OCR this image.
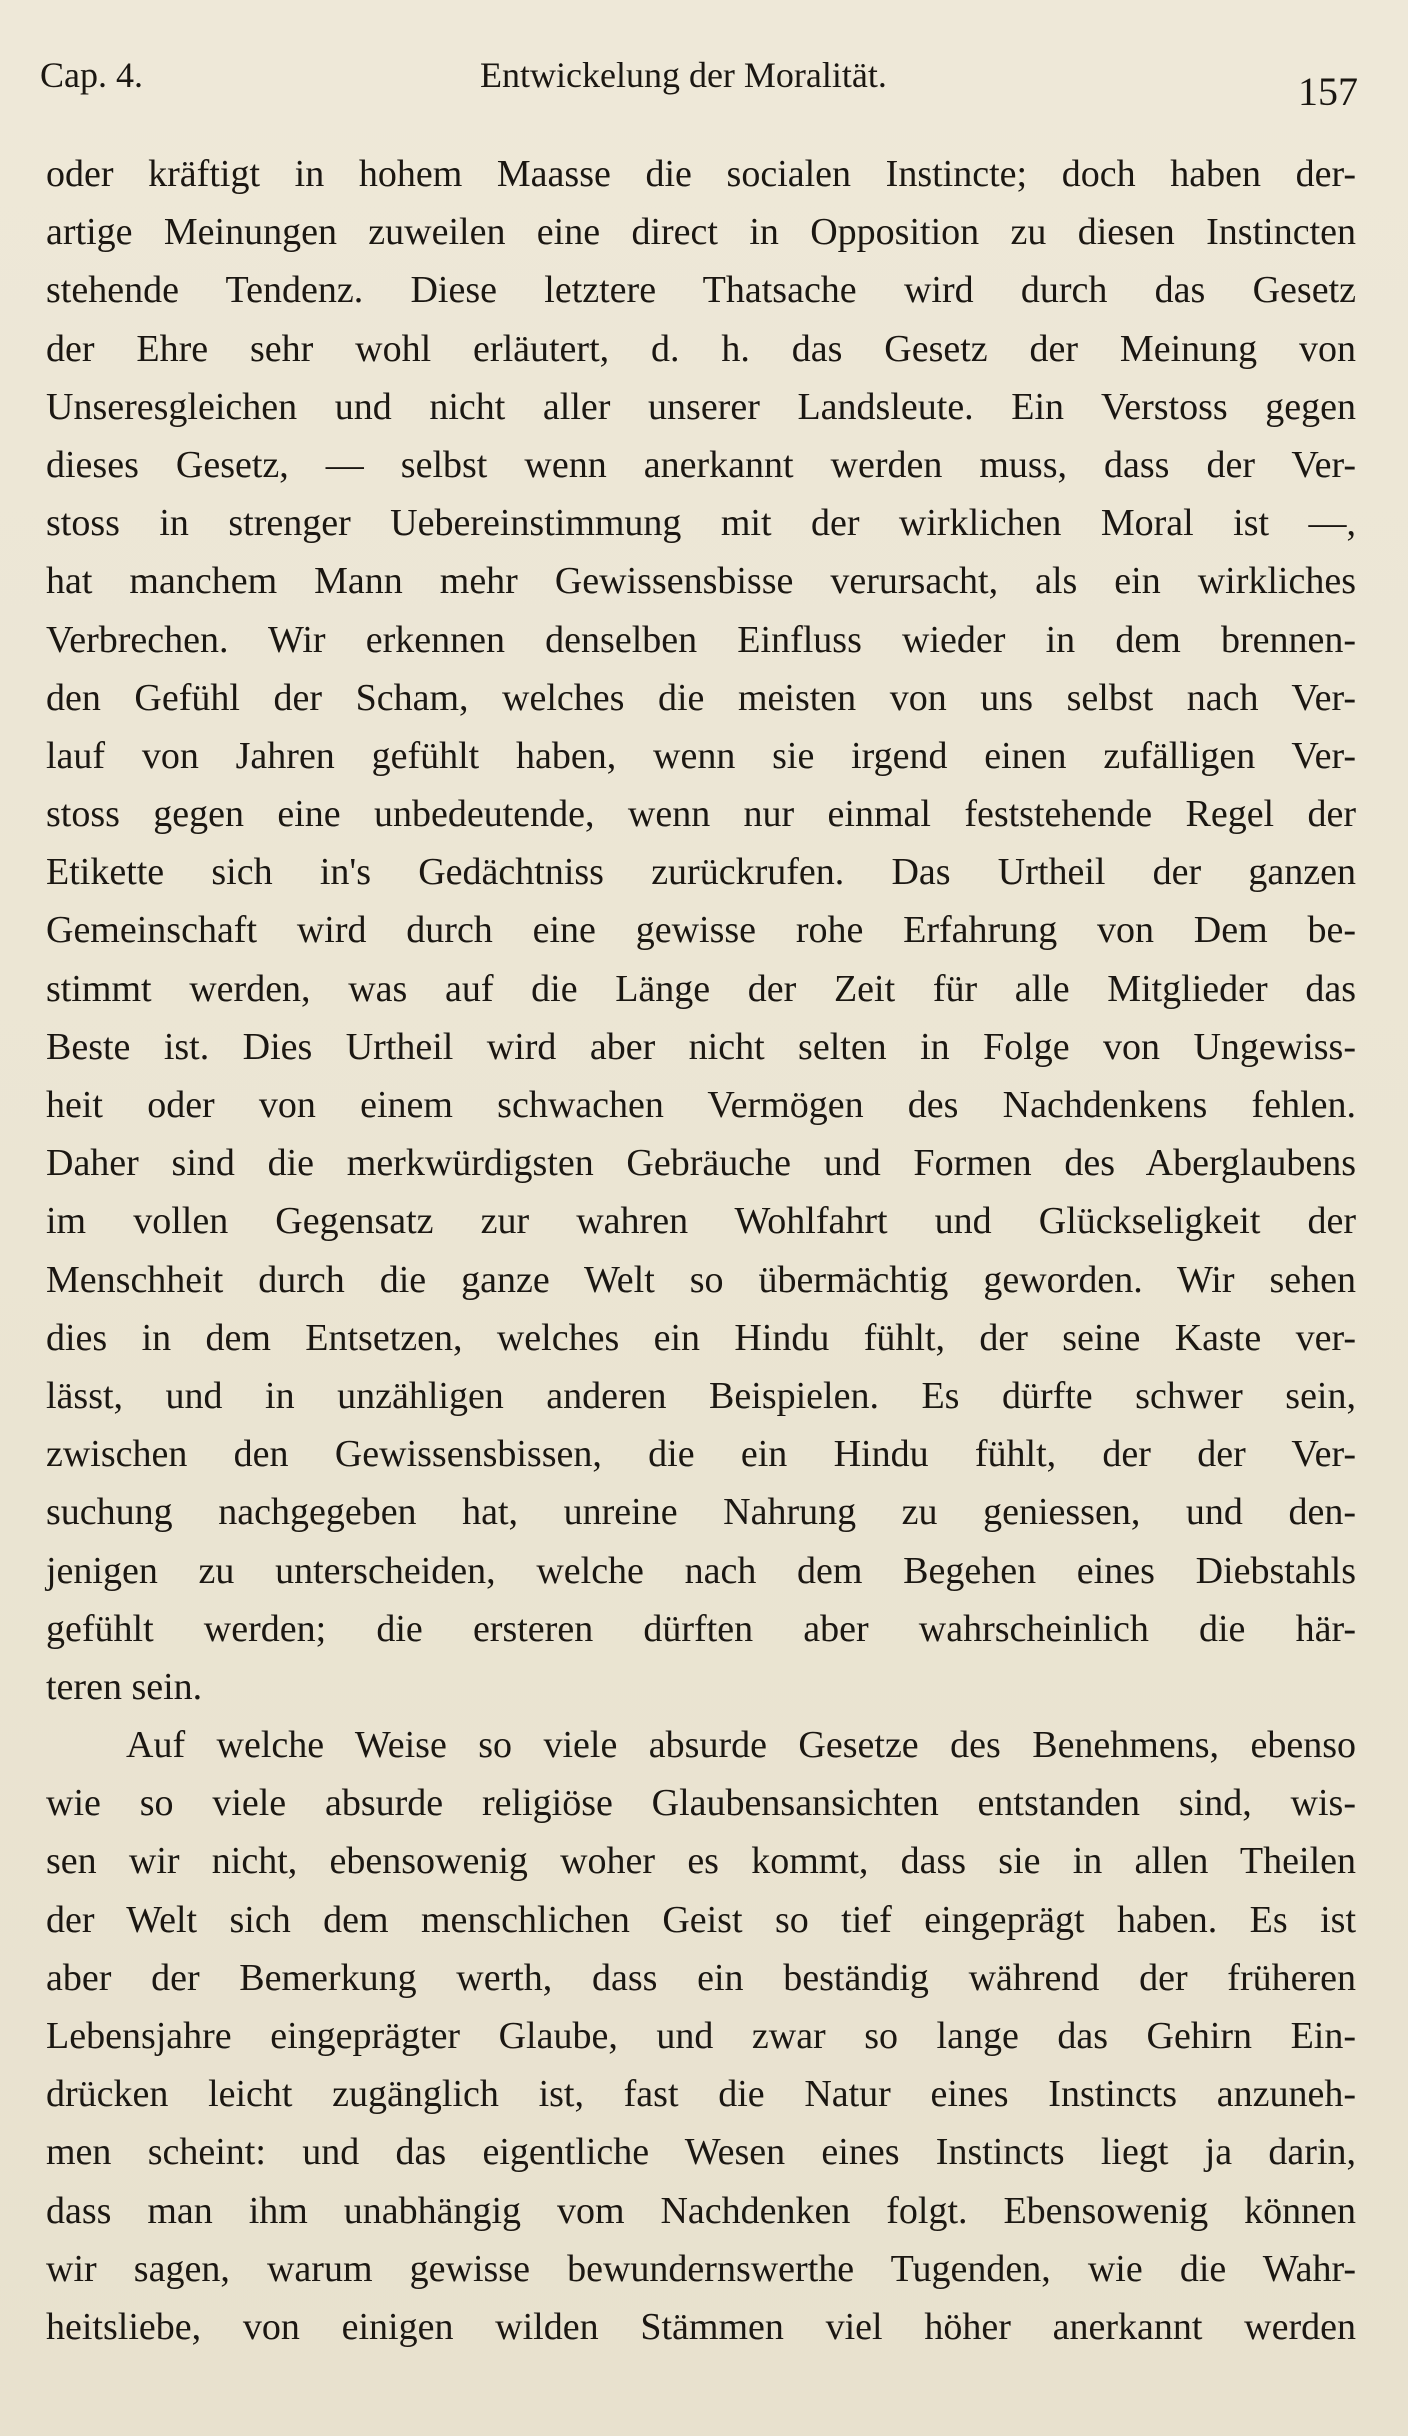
Cap. 4.	Entwickelung der Moralität.	157
oder kräftigt in hohem Maasse die socialen Instincte; doch haben der-
artige Meinungen zuweilen eine direct in Opposition zu diesen Instincten
stehende Tendenz. Diese letztere Thatsache wird durch das Gesetz
der Ehre sehr wohl erläutert, d. h. das Gesetz der Meinung von
Unseresgleichen und nicht aller unserer Landsleute. Ein Verstoss gegen
dieses Gesetz, — selbst wenn anerkannt werden muss, dass der Ver-
stoss in strenger Uebereinstimmung mit der wirklichen Moral ist —,
hat manchem Mann mehr Gewissensbisse verursacht, als ein wirkliches
Verbrechen. Wir erkennen denselben Einfluss wieder in dem brennen-
den Gefühl der Scham, welches die meisten von uns selbst nach Ver-
lauf von Jahren gefühlt haben, wenn sie irgend einen zufälligen Ver-
stoss gegen eine unbedeutende, wenn nur einmal feststehende Regel der
Etikette sich in's Gedächtniss zurückrufen. Das Urtheil der ganzen
Gemeinschaft wird durch eine gewisse rohe Erfahrung von Dem be-
stimmt werden, was auf die Länge der Zeit für alle Mitglieder das
Beste ist. Dies Urtheil wird aber nicht selten in Folge von Ungewiss-
heit oder von einem schwachen Vermögen des Nachdenkens fehlen.
Daher sind die merkwürdigsten Gebräuche und Formen des Aberglaubens
im vollen Gegensatz zur wahren Wohlfahrt und Glückseligkeit der
Menschheit durch die ganze Welt so übermächtig geworden. Wir sehen
dies in dem Entsetzen, welches ein Hindu fühlt, der seine Kaste ver-
lässt, und in unzähligen anderen Beispielen. Es dürfte schwer sein,
zwischen den Gewissensbissen, die ein Hindu fühlt, der der Ver-
suchung nachgegeben hat, unreine Nahrung zu geniessen, und den-
jenigen zu unterscheiden, welche nach dem Begehen eines Diebstahls
gefühlt werden; die ersteren dürften aber wahrscheinlich die här-
teren sein.
Auf welche Weise so viele absurde Gesetze des Benehmens, ebenso
wie so viele absurde religiöse Glaubensansichten entstanden sind, wis-
sen wir nicht, ebensowenig woher es kommt, dass sie in allen Theilen
der Welt sich dem menschlichen Geist so tief eingeprägt haben. Es ist
aber der Bemerkung werth, dass ein beständig während der früheren
Lebensjahre eingeprägter Glaube, und zwar so lange das Gehirn Ein-
drücken leicht zugänglich ist, fast die Natur eines Instincts anzuneh-
men scheint: und das eigentliche Wesen eines Instincts liegt ja darin,
dass man ihm unabhängig vom Nachdenken folgt. Ebensowenig können
wir sagen, warum gewisse bewundernswerthe Tugenden, wie die Wahr-
heitsliebe, von einigen wilden Stämmen viel höher anerkannt werden
